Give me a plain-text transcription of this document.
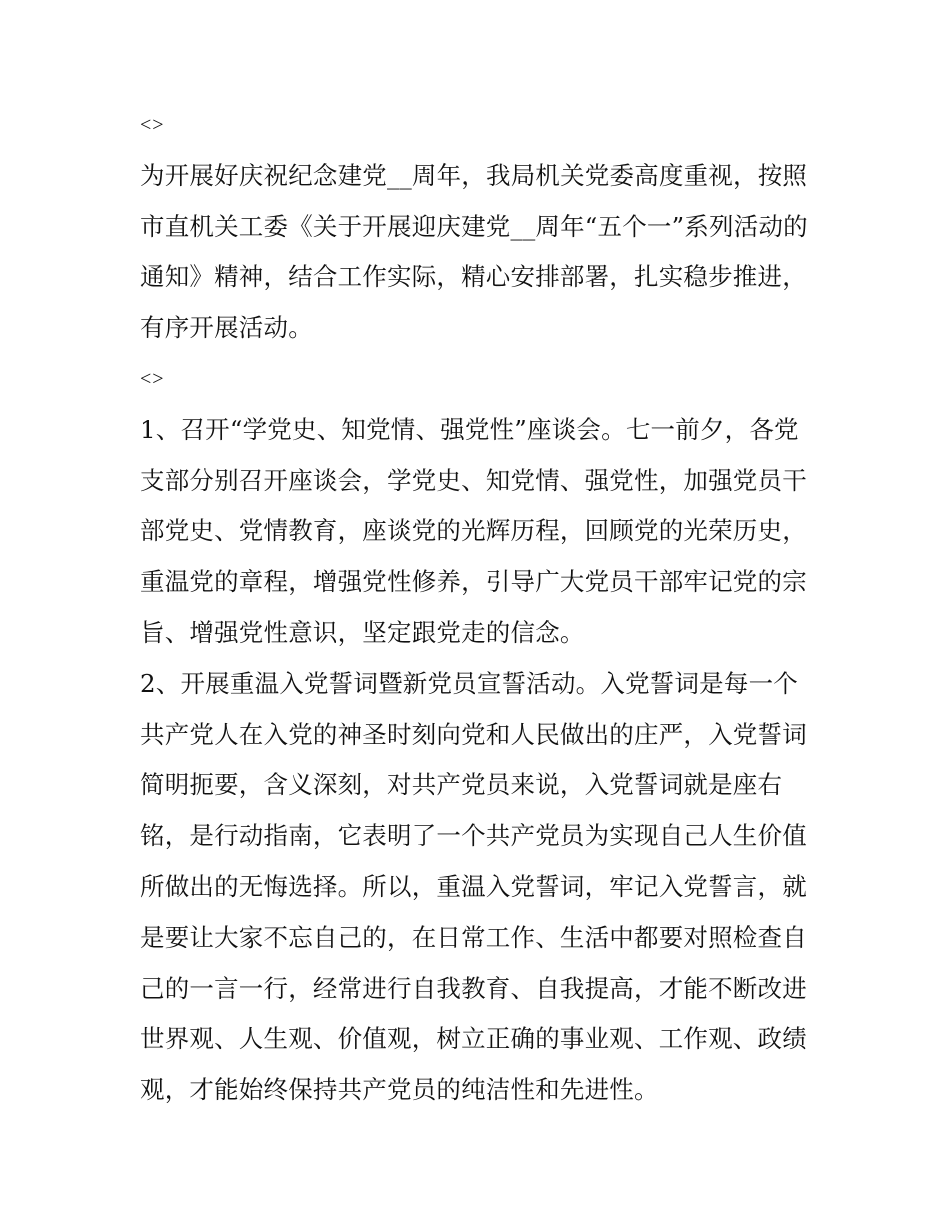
<>

为开展好庆祝纪念建党__周年，我局机关党委高度重视，按照市直机关工委《关于开展迎庆建党__周年“五个一”系列活动的通知》精神，结合工作实际，精心安排部署，扎实稳步推进，有序开展活动。

<>

1、召开“学党史、知党情、强党性”座谈会。七一前夕，各党支部分别召开座谈会，学党史、知党情、强党性，加强党员干部党史、党情教育，座谈党的光辉历程，回顾党的光荣历史，重温党的章程，增强党性修养，引导广大党员干部牢记党的宗旨、增强党性意识，坚定跟党走的信念。

2、开展重温入党誓词暨新党员宣誓活动。入党誓词是每一个共产党人在入党的神圣时刻向党和人民做出的庄严，入党誓词简明扼要，含义深刻，对共产党员来说，入党誓词就是座右铭，是行动指南，它表明了一个共产党员为实现自己人生价值所做出的无悔选择。所以，重温入党誓词，牢记入党誓言，就是要让大家不忘自己的，在日常工作、生活中都要对照检查自己的一言一行，经常进行自我教育、自我提高，才能不断改进世界观、人生观、价值观，树立正确的事业观、工作观、政绩观，才能始终保持共产党员的纯洁性和先进性。
